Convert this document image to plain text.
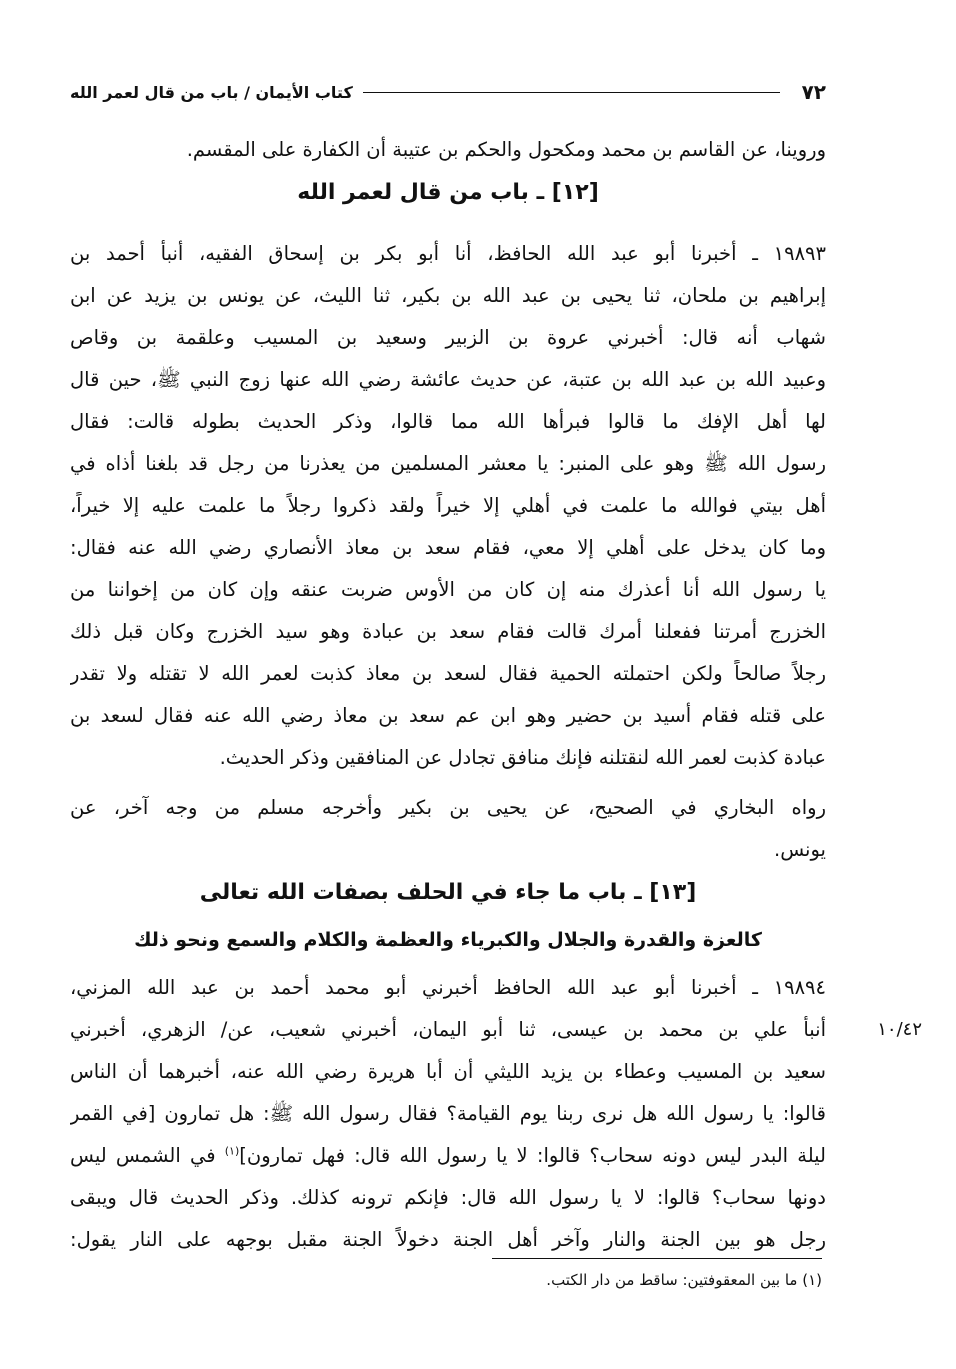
٧٢
كتاب الأيمان / باب من قال لعمر الله
وروينا، عن القاسم بن محمد ومكحول والحكم بن عتيبة أن الكفارة على المقسم.
[١٢] ـ باب من قال لعمر الله
١٩٨٩٣ ـ أخبرنا أبو عبد الله الحافظ، أنا أبو بكر بن إسحاق الفقيه، أنبأ أحمد بن
إبراهيم بن ملحان، ثنا يحيى بن عبد الله بن بكير، ثنا الليث، عن يونس بن يزيد عن ابن
شهاب أنه قال: أخبرني عروة بن الزبير وسعيد بن المسيب وعلقمة بن وقاص
وعبيد الله بن عبد الله بن عتبة، عن حديث عائشة رضي الله عنها زوج النبي ﷺ، حين قال
لها أهل الإفك ما قالوا فبرأها الله مما قالوا، وذكر الحديث بطوله قالت: فقال
رسول الله ﷺ وهو على المنبر: يا معشر المسلمين من يعذرنا من رجل قد بلغنا أذاه في
أهل بيتي فوالله ما علمت في أهلي إلا خيراً ولقد ذكروا رجلاً ما علمت عليه إلا خيراً،
وما كان يدخل على أهلي إلا معي، فقام سعد بن معاذ الأنصاري رضي الله عنه فقال:
يا رسول الله أنا أعذرك منه إن كان من الأوس ضربت عنقه وإن كان من إخواننا من
الخزرج أمرتنا ففعلنا أمرك قالت فقام سعد بن عبادة وهو سيد الخزرج وكان قبل ذلك
رجلاً صالحاً ولكن احتملته الحمية فقال لسعد بن معاذ كذبت لعمر الله لا تقتله ولا تقدر
على قتله فقام أسيد بن حضير وهو ابن عم سعد بن معاذ رضي الله عنه فقال لسعد بن
عبادة كذبت لعمر الله لنقتلنه فإنك منافق تجادل عن المنافقين وذكر الحديث.
رواه البخاري في الصحيح، عن يحيى بن بكير وأخرجه مسلم من وجه آخر، عن
يونس.
[١٣] ـ باب ما جاء في الحلف بصفات الله تعالى
كالعزة والقدرة والجلال والكبرياء والعظمة والكلام والسمع ونحو ذلك
١٩٨٩٤ ـ أخبرنا أبو عبد الله الحافظ أخبرني أبو محمد أحمد بن عبد الله المزني،
أنبأ علي بن محمد بن عيسى، ثنا أبو اليمان، أخبرني شعيب، عن/ الزهري، أخبرني
سعيد بن المسيب وعطاء بن يزيد الليثي أن أبا هريرة رضي الله عنه، أخبرهما أن الناس
قالوا: يا رسول الله هل نرى ربنا يوم القيامة؟ فقال رسول الله ﷺ: هل تمارون [في القمر
ليلة البدر ليس دونه سحاب؟ قالوا: لا يا رسول الله قال: فهل تمارون]$^{(١)}$ في الشمس ليس
دونها سحاب؟ قالوا: لا يا رسول الله قال: فإنكم ترونه كذلك. وذكر الحديث قال ويبقى
رجل هو بين الجنة والنار وآخر أهل الجنة دخولاً الجنة مقبل بوجهه على النار يقول:
١٠/٤٢
(١) ما بين المعقوفتين: ساقط من دار الكتب.
